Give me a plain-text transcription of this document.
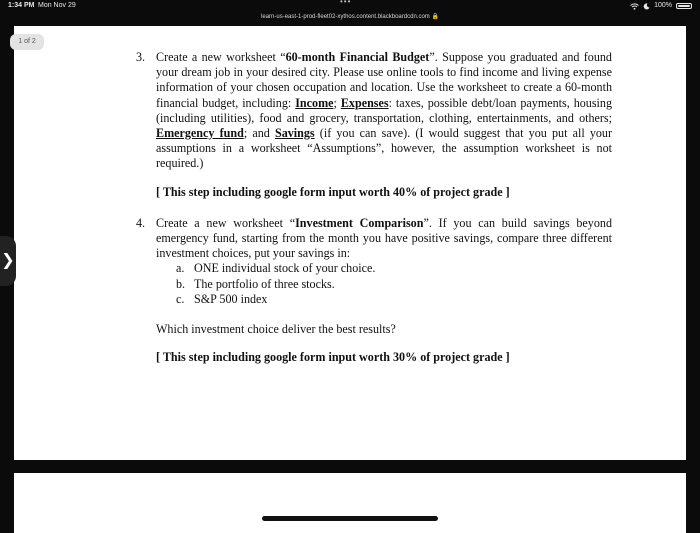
1:34 PM Mon Nov 29	•••	100%
learn-us-east-1-prod-fleet02-xythos.content.blackboardcdn.com 🔒
1 of 2
❯
3. Create a new worksheet “60-month Financial Budget”. Suppose you graduated and found your dream job in your desired city. Please use online tools to find income and living expense information of your chosen occupation and location. Use the worksheet to create a 60-month financial budget, including: Income; Expenses: taxes, possible debt/loan payments, housing (including utilities), food and grocery, transportation, clothing, entertainments, and others; Emergency fund; and Savings (if you can save). (I would suggest that you put all your assumptions in a worksheet “Assumptions”, however, the assumption worksheet is not required.)
[ This step including google form input worth 40% of project grade ]
4. Create a new worksheet “Investment Comparison”. If you can build savings beyond emergency fund, starting from the month you have positive savings, compare three different investment choices, put your savings in:
a. ONE individual stock of your choice.
b. The portfolio of three stocks.
c. S&P 500 index
Which investment choice deliver the best results?
[ This step including google form input worth 30% of project grade ]
